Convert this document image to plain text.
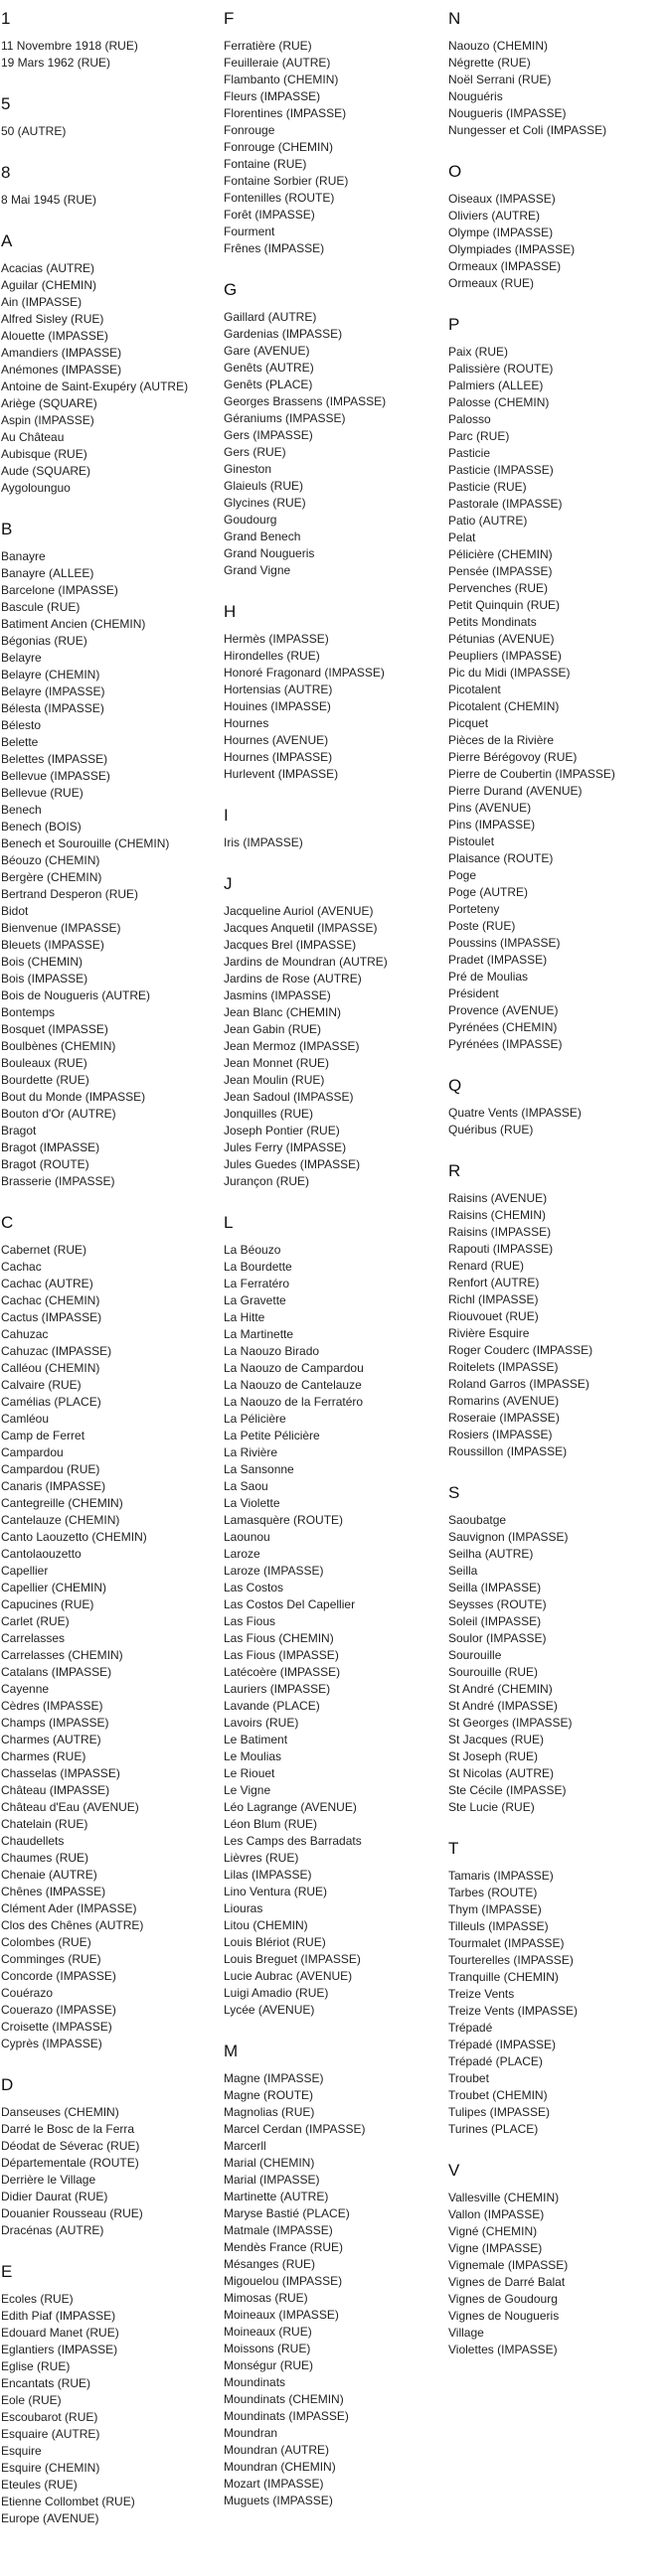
1
11 Novembre 1918 (RUE)
19 Mars 1962 (RUE)
5
50 (AUTRE)
8
8 Mai 1945 (RUE)
A
Acacias (AUTRE)
Aguilar (CHEMIN)
Ain (IMPASSE)
Alfred Sisley (RUE)
Alouette (IMPASSE)
Amandiers (IMPASSE)
Anémones (IMPASSE)
Antoine de Saint-Exupéry (AUTRE)
Ariège (SQUARE)
Aspin (IMPASSE)
Au Château
Aubisque (RUE)
Aude (SQUARE)
Aygolounguo
B
Banayre
Banayre (ALLEE)
Barcelone (IMPASSE)
Bascule (RUE)
Batiment Ancien (CHEMIN)
Bégonias (RUE)
Belayre
Belayre (CHEMIN)
Belayre (IMPASSE)
Bélesta (IMPASSE)
Bélesto
Belette
Belettes (IMPASSE)
Bellevue (IMPASSE)
Bellevue (RUE)
Benech
Benech (BOIS)
Benech et Sourouille (CHEMIN)
Béouzo (CHEMIN)
Bergère (CHEMIN)
Bertrand Desperon (RUE)
Bidot
Bienvenue (IMPASSE)
Bleuets (IMPASSE)
Bois (CHEMIN)
Bois (IMPASSE)
Bois de Nougueris (AUTRE)
Bontemps
Bosquet (IMPASSE)
Boulbènes (CHEMIN)
Bouleaux (RUE)
Bourdette (RUE)
Bout du Monde (IMPASSE)
Bouton d'Or (AUTRE)
Bragot
Bragot (IMPASSE)
Bragot (ROUTE)
Brasserie (IMPASSE)
C
Cabernet (RUE)
Cachac
Cachac (AUTRE)
Cachac (CHEMIN)
Cactus (IMPASSE)
Cahuzac
Cahuzac (IMPASSE)
Calléou (CHEMIN)
Calvaire (RUE)
Camélias (PLACE)
Camléou
Camp de Ferret
Campardou
Campardou (RUE)
Canaris (IMPASSE)
Cantegreille (CHEMIN)
Cantelauze (CHEMIN)
Canto Laouzetto (CHEMIN)
Cantolaouzetto
Capellier
Capellier (CHEMIN)
Capucines (RUE)
Carlet (RUE)
Carrelasses
Carrelasses (CHEMIN)
Catalans (IMPASSE)
Cayenne
Cèdres (IMPASSE)
Champs (IMPASSE)
Charmes (AUTRE)
Charmes (RUE)
Chasselas (IMPASSE)
Château (IMPASSE)
Château d'Eau (AVENUE)
Chatelain (RUE)
Chaudellets
Chaumes (RUE)
Chenaie (AUTRE)
Chênes (IMPASSE)
Clément Ader (IMPASSE)
Clos des Chênes (AUTRE)
Colombes (RUE)
Comminges (RUE)
Concorde (IMPASSE)
Couérazo
Couerazo (IMPASSE)
Croisette (IMPASSE)
Cyprès (IMPASSE)
D
Danseuses (CHEMIN)
Darré le Bosc de la Ferra
Déodat de Séverac (RUE)
Départementale (ROUTE)
Derrière le Village
Didier Daurat (RUE)
Douanier Rousseau (RUE)
Dracénas (AUTRE)
E
Ecoles (RUE)
Edith Piaf (IMPASSE)
Edouard Manet (RUE)
Eglantiers (IMPASSE)
Eglise (RUE)
Encantats (RUE)
Eole (RUE)
Escoubarot (RUE)
Esquaire (AUTRE)
Esquire
Esquire (CHEMIN)
Eteules (RUE)
Etienne Collombet (RUE)
Europe (AVENUE)
F
Ferratière (RUE)
Feuilleraie (AUTRE)
Flambanto (CHEMIN)
Fleurs (IMPASSE)
Florentines (IMPASSE)
Fonrouge
Fonrouge (CHEMIN)
Fontaine (RUE)
Fontaine Sorbier (RUE)
Fontenilles (ROUTE)
Forêt (IMPASSE)
Fourment
Frênes (IMPASSE)
G
Gaillard (AUTRE)
Gardenias (IMPASSE)
Gare (AVENUE)
Genêts (AUTRE)
Genêts (PLACE)
Georges Brassens (IMPASSE)
Géraniums (IMPASSE)
Gers (IMPASSE)
Gers (RUE)
Gineston
Glaieuls (RUE)
Glycines (RUE)
Goudourg
Grand Benech
Grand Nougueris
Grand Vigne
H
Hermès (IMPASSE)
Hirondelles (RUE)
Honoré Fragonard (IMPASSE)
Hortensias (AUTRE)
Houines (IMPASSE)
Hournes
Hournes (AVENUE)
Hournes (IMPASSE)
Hurlevent (IMPASSE)
I
Iris (IMPASSE)
J
Jacqueline Auriol (AVENUE)
Jacques Anquetil (IMPASSE)
Jacques Brel (IMPASSE)
Jardins de Moundran (AUTRE)
Jardins de Rose (AUTRE)
Jasmins (IMPASSE)
Jean Blanc (CHEMIN)
Jean Gabin (RUE)
Jean Mermoz (IMPASSE)
Jean Monnet (RUE)
Jean Moulin (RUE)
Jean Sadoul (IMPASSE)
Jonquilles (RUE)
Joseph Pontier (RUE)
Jules Ferry (IMPASSE)
Jules Guedes (IMPASSE)
Jurançon (RUE)
L
La Béouzo
La Bourdette
La Ferratéro
La Gravette
La Hitte
La Martinette
La Naouzo Birado
La Naouzo de Campardou
La Naouzo de Cantelauze
La Naouzo de la Ferratéro
La Pélicière
La Petite Pélicière
La Rivière
La Sansonne
La Saou
La Violette
Lamasquère (ROUTE)
Laounou
Laroze
Laroze (IMPASSE)
Las Costos
Las Costos Del Capellier
Las Fious
Las Fious (CHEMIN)
Las Fious (IMPASSE)
Latécoère (IMPASSE)
Lauriers (IMPASSE)
Lavande (PLACE)
Lavoirs (RUE)
Le Batiment
Le Moulias
Le Riouet
Le Vigne
Léo Lagrange (AVENUE)
Léon Blum (RUE)
Les Camps des Barradats
Lièvres (RUE)
Lilas (IMPASSE)
Lino Ventura (RUE)
Liouras
Litou (CHEMIN)
Louis Blériot (RUE)
Louis Breguet (IMPASSE)
Lucie Aubrac (AVENUE)
Luigi Amadio (RUE)
Lycée (AVENUE)
M
Magne (IMPASSE)
Magne (ROUTE)
Magnolias (RUE)
Marcel Cerdan (IMPASSE)
Marcerll
Marial (CHEMIN)
Marial (IMPASSE)
Martinette (AUTRE)
Maryse Bastié (PLACE)
Matmale (IMPASSE)
Mendès France (RUE)
Mésanges (RUE)
Migouelou (IMPASSE)
Mimosas (RUE)
Moineaux (IMPASSE)
Moineaux (RUE)
Moissons (RUE)
Monségur (RUE)
Moundinats
Moundinats (CHEMIN)
Moundinats (IMPASSE)
Moundran
Moundran (AUTRE)
Moundran (CHEMIN)
Mozart (IMPASSE)
Muguets (IMPASSE)
N
Naouzo (CHEMIN)
Négrette (RUE)
Noël Serrani (RUE)
Nouguéris
Nougueris (IMPASSE)
Nungesser et Coli (IMPASSE)
O
Oiseaux (IMPASSE)
Oliviers (AUTRE)
Olympe (IMPASSE)
Olympiades (IMPASSE)
Ormeaux (IMPASSE)
Ormeaux (RUE)
P
Paix (RUE)
Palissière (ROUTE)
Palmiers (ALLEE)
Palosse (CHEMIN)
Palosso
Parc (RUE)
Pasticie
Pasticie (IMPASSE)
Pasticie (RUE)
Pastorale (IMPASSE)
Patio (AUTRE)
Pelat
Pélicière (CHEMIN)
Pensée (IMPASSE)
Pervenches (RUE)
Petit Quinquin (RUE)
Petits Mondinats
Pétunias (AVENUE)
Peupliers (IMPASSE)
Pic du Midi (IMPASSE)
Picotalent
Picotalent (CHEMIN)
Picquet
Pièces de la Rivière
Pierre Bérégovoy (RUE)
Pierre de Coubertin (IMPASSE)
Pierre Durand (AVENUE)
Pins (AVENUE)
Pins (IMPASSE)
Pistoulet
Plaisance (ROUTE)
Poge
Poge (AUTRE)
Porteteny
Poste (RUE)
Poussins (IMPASSE)
Pradet (IMPASSE)
Pré de Moulias
Président
Provence (AVENUE)
Pyrénées (CHEMIN)
Pyrénées (IMPASSE)
Q
Quatre Vents (IMPASSE)
Quéribus (RUE)
R
Raisins (AVENUE)
Raisins (CHEMIN)
Raisins (IMPASSE)
Rapouti (IMPASSE)
Renard (RUE)
Renfort (AUTRE)
Richl (IMPASSE)
Riouvouet (RUE)
Rivière Esquire
Roger Couderc (IMPASSE)
Roitelets (IMPASSE)
Roland Garros (IMPASSE)
Romarins (AVENUE)
Roseraie (IMPASSE)
Rosiers (IMPASSE)
Roussillon (IMPASSE)
S
Saoubatge
Sauvignon (IMPASSE)
Seilha (AUTRE)
Seilla
Seilla (IMPASSE)
Seysses (ROUTE)
Soleil (IMPASSE)
Soulor (IMPASSE)
Sourouille
Sourouille (RUE)
St André (CHEMIN)
St André (IMPASSE)
St Georges (IMPASSE)
St Jacques (RUE)
St Joseph (RUE)
St Nicolas (AUTRE)
Ste Cécile (IMPASSE)
Ste Lucie (RUE)
T
Tamaris (IMPASSE)
Tarbes (ROUTE)
Thym (IMPASSE)
Tilleuls (IMPASSE)
Tourmalet (IMPASSE)
Tourterelles (IMPASSE)
Tranquille (CHEMIN)
Treize Vents
Treize Vents (IMPASSE)
Trépadé
Trépadé (IMPASSE)
Trépadé (PLACE)
Troubet
Troubet (CHEMIN)
Tulipes (IMPASSE)
Turines (PLACE)
V
Vallesville (CHEMIN)
Vallon (IMPASSE)
Vigné (CHEMIN)
Vigne (IMPASSE)
Vignemale (IMPASSE)
Vignes de Darré Balat
Vignes de Goudourg
Vignes de Nougueris
Village
Violettes (IMPASSE)
